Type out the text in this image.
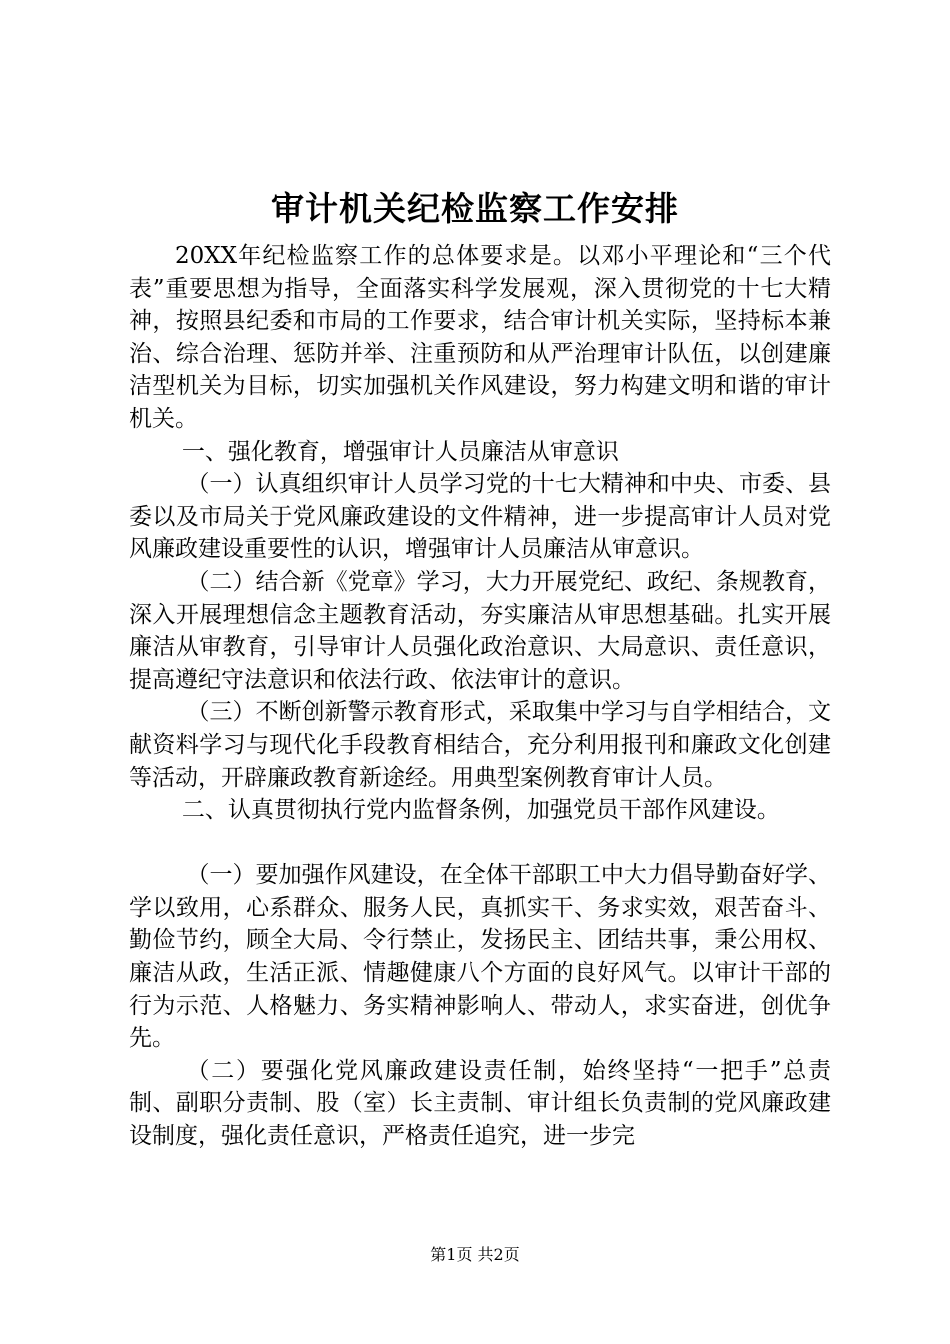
审计机关纪检监察工作安排

20XX年纪检监察工作的总体要求是。以邓小平理论和“三个代表”重要思想为指导，全面落实科学发展观，深入贯彻党的十七大精神，按照县纪委和市局的工作要求，结合审计机关实际，坚持标本兼治、综合治理、惩防并举、注重预防和从严治理审计队伍，以创建廉洁型机关为目标，切实加强机关作风建设，努力构建文明和谐的审计机关。

一、强化教育，增强审计人员廉洁从审意识

（一）认真组织审计人员学习党的十七大精神和中央、市委、县委以及市局关于党风廉政建设的文件精神，进一步提高审计人员对党风廉政建设重要性的认识，增强审计人员廉洁从审意识。

（二）结合新《党章》学习，大力开展党纪、政纪、条规教育，深入开展理想信念主题教育活动，夯实廉洁从审思想基础。扎实开展廉洁从审教育，引导审计人员强化政治意识、大局意识、责任意识，提高遵纪守法意识和依法行政、依法审计的意识。

（三）不断创新警示教育形式，采取集中学习与自学相结合，文献资料学习与现代化手段教育相结合，充分利用报刊和廉政文化创建等活动，开辟廉政教育新途经。用典型案例教育审计人员。

二、认真贯彻执行党内监督条例，加强党员干部作风建设。

（一）要加强作风建设，在全体干部职工中大力倡导勤奋好学、学以致用，心系群众、服务人民，真抓实干、务求实效，艰苦奋斗、勤俭节约，顾全大局、令行禁止，发扬民主、团结共事，秉公用权、廉洁从政，生活正派、情趣健康八个方面的良好风气。以审计干部的行为示范、人格魅力、务实精神影响人、带动人，求实奋进，创优争先。

（二）要强化党风廉政建设责任制，始终坚持“一把手”总责制、副职分责制、股（室）长主责制、审计组长负责制的党风廉政建设制度，强化责任意识，严格责任追究，进一步完

第1页 共2页
